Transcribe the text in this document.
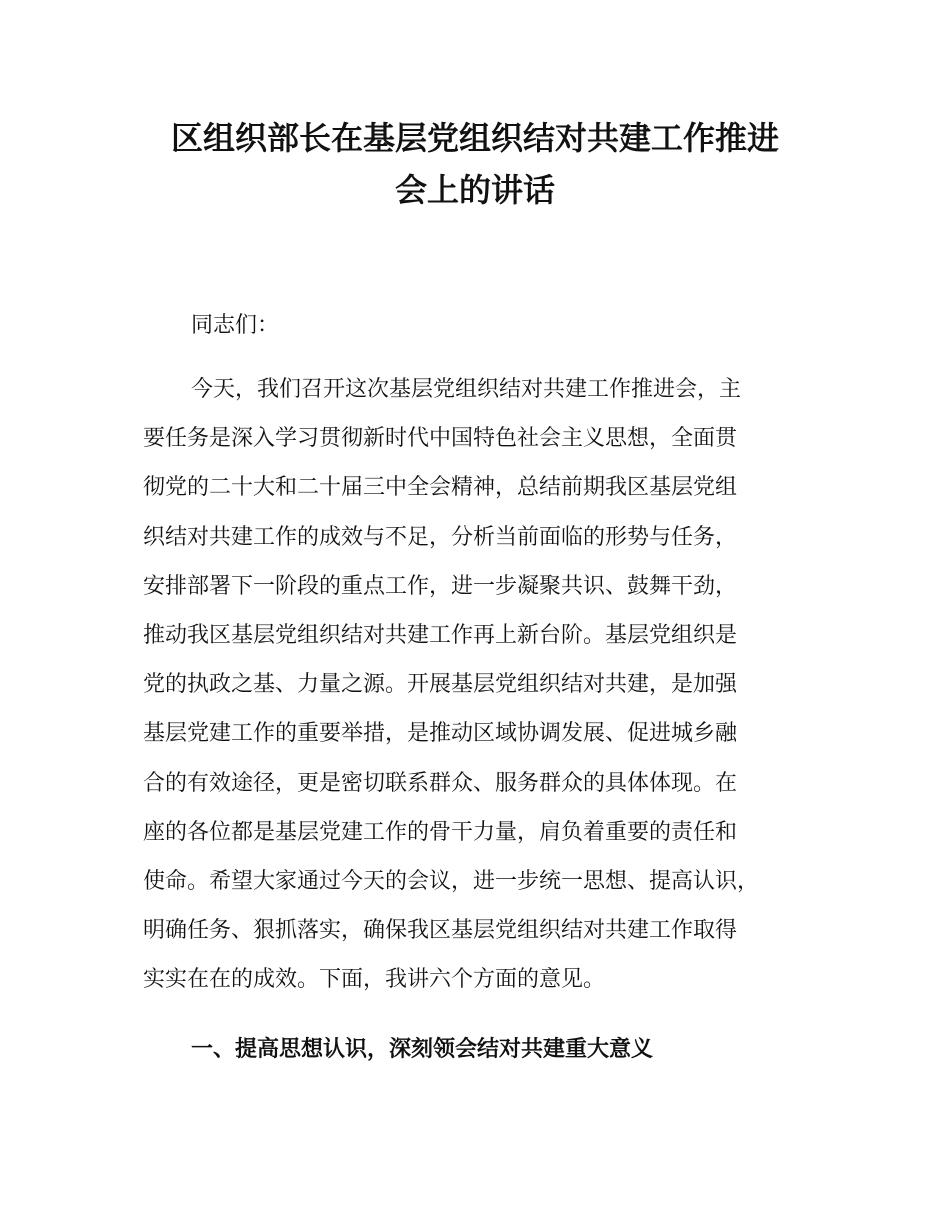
区组织部长在基层党组织结对共建工作推进
会上的讲话

同志们：

今天，我们召开这次基层党组织结对共建工作推进会，主
要任务是深入学习贯彻新时代中国特色社会主义思想，全面贯
彻党的二十大和二十届三中全会精神，总结前期我区基层党组
织结对共建工作的成效与不足，分析当前面临的形势与任务，
安排部署下一阶段的重点工作，进一步凝聚共识、鼓舞干劲，
推动我区基层党组织结对共建工作再上新台阶。基层党组织是
党的执政之基、力量之源。开展基层党组织结对共建，是加强
基层党建工作的重要举措，是推动区域协调发展、促进城乡融
合的有效途径，更是密切联系群众、服务群众的具体体现。在
座的各位都是基层党建工作的骨干力量，肩负着重要的责任和
使命。希望大家通过今天的会议，进一步统一思想、提高认识，
明确任务、狠抓落实，确保我区基层党组织结对共建工作取得
实实在在的成效。下面，我讲六个方面的意见。
一、提高思想认识，深刻领会结对共建重大意义
